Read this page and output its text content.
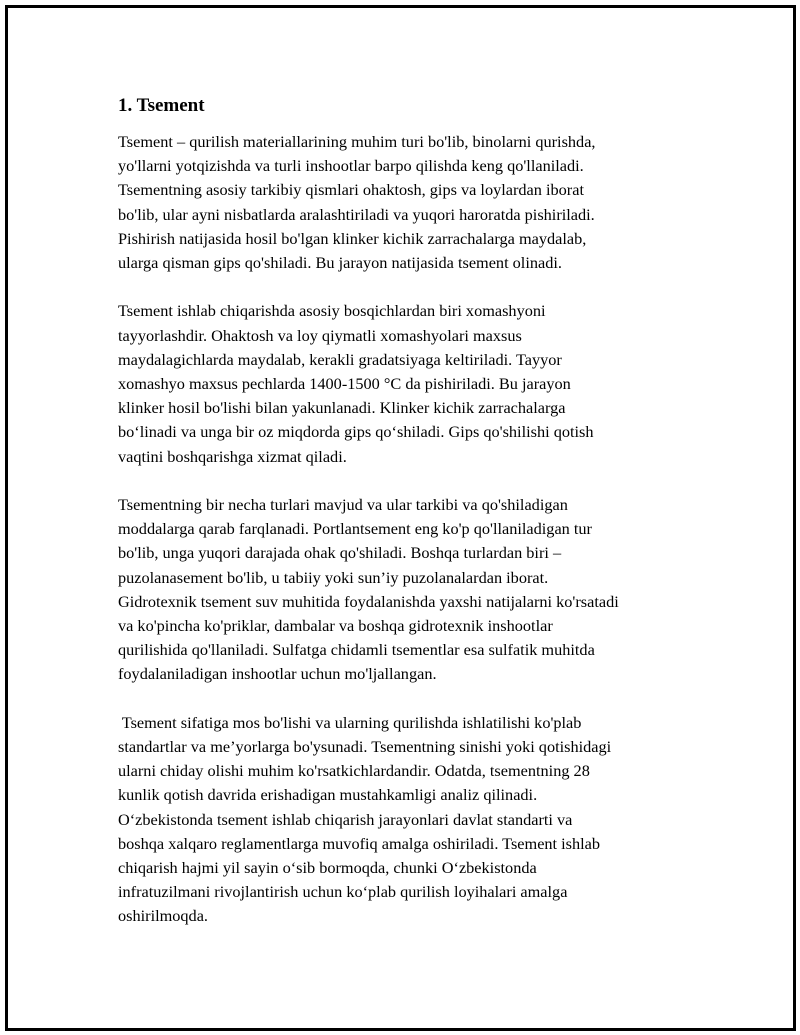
1. Tsement
Tsement – qurilish materiallarining muhim turi bo'lib, binolarni qurishda,
yo'llarni yotqizishda va turli inshootlar barpo qilishda keng qo'llaniladi.
Tsementning asosiy tarkibiy qismlari ohaktosh, gips va loylardan iborat
bo'lib, ular ayni nisbatlarda aralashtiriladi va yuqori haroratda pishiriladi.
Pishirish natijasida hosil bo'lgan klinker kichik zarrachalarga maydalab,
ularga qisman gips qo'shiladi. Bu jarayon natijasida tsement olinadi.
Tsement ishlab chiqarishda asosiy bosqichlardan biri xomashyoni
tayyorlashdir. Ohaktosh va loy qiymatli xomashyolari maxsus
maydalagichlarda maydalab, kerakli gradatsiyaga keltiriladi. Tayyor
xomashyo maxsus pechlarda 1400-1500 °C da pishiriladi. Bu jarayon
klinker hosil bo'lishi bilan yakunlanadi. Klinker kichik zarrachalarga
bo‘linadi va unga bir oz miqdorda gips qo‘shiladi. Gips qo'shilishi qotish
vaqtini boshqarishga xizmat qiladi.
Tsementning bir necha turlari mavjud va ular tarkibi va qo'shiladigan
moddalarga qarab farqlanadi. Portlantsement eng ko'p qo'llaniladigan tur
bo'lib, unga yuqori darajada ohak qo'shiladi. Boshqa turlardan biri –
puzolanasement bo'lib, u tabiiy yoki sun’iy puzolanalardan iborat.
Gidrotexnik tsement suv muhitida foydalanishda yaxshi natijalarni ko'rsatadi
va ko'pincha ko'priklar, dambalar va boshqa gidrotexnik inshootlar
qurilishida qo'llaniladi. Sulfatga chidamli tsementlar esa sulfatik muhitda
foydalaniladigan inshootlar uchun mo'ljallangan.
Tsement sifatiga mos bo'lishi va ularning qurilishda ishlatilishi ko'plab
standartlar va me’yorlarga bo'ysunadi. Tsementning sinishi yoki qotishidagi
ularni chiday olishi muhim ko'rsatkichlardandir. Odatda, tsementning 28
kunlik qotish davrida erishadigan mustahkamligi analiz qilinadi.
O‘zbekistonda tsement ishlab chiqarish jarayonlari davlat standarti va
boshqa xalqaro reglamentlarga muvofiq amalga oshiriladi. Tsement ishlab
chiqarish hajmi yil sayin o‘sib bormoqda, chunki O‘zbekistonda
infratuzilmani rivojlantirish uchun ko‘plab qurilish loyihalari amalga
oshirilmoqda.
